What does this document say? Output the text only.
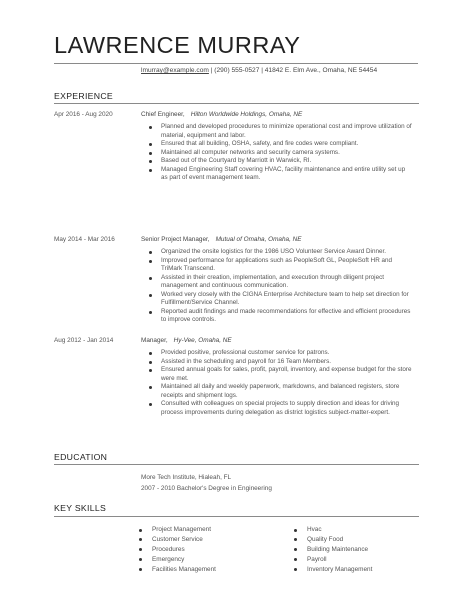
LAWRENCE MURRAY
lmurray@example.com | (290) 555-0527 | 41842 E. Elm Ave., Omaha, NE 54454
EXPERIENCE
Apr 2016 - Aug 2020	Chief Engineer, Hilton Worldwide Holdings, Omaha, NE
Planned and developed procedures to minimize operational cost and improve utilization of material, equipment and labor.
Ensured that all building, OSHA, safety, and fire codes were compliant.
Maintained all computer networks and security camera systems.
Based out of the Courtyard by Marriott in Warwick, RI.
Managed Engineering Staff covering HVAC, facility maintenance and entire utility set up as part of event management team.
May 2014 - Mar 2016	Senior Project Manager, Mutual of Omaha, Omaha, NE
Organized the onsite logistics for the 1986 USO Volunteer Service Award Dinner.
Improved performance for applications such as PeopleSoft GL, PeopleSoft HR and TriMark Transcend.
Assisted in their creation, implementation, and execution through diligent project management and continuous communication.
Worked very closely with the CIGNA Enterprise Architecture team to help set direction for Fulfillment/Service Channel.
Reported audit findings and made recommendations for effective and efficient procedures to improve controls.
Aug 2012 - Jan 2014	Manager, Hy-Vee, Omaha, NE
Provided positive, professional customer service for patrons.
Assisted in the scheduling and payroll for 16 Team Members.
Ensured annual goals for sales, profit, payroll, inventory, and expense budget for the store were met.
Maintained all daily and weekly paperwork, markdowns, and balanced registers, store receipts and shipment logs.
Consulted with colleagues on special projects to supply direction and ideas for driving process improvements during delegation as district logistics subject-matter-expert.
EDUCATION
More Tech Institute, Hialeah, FL
2007 - 2010 Bachelor's Degree in Engineering
KEY SKILLS
Project Management
Customer Service
Procedures
Emergency
Facilities Management
Hvac
Quality Food
Building Maintenance
Payroll
Inventory Management
